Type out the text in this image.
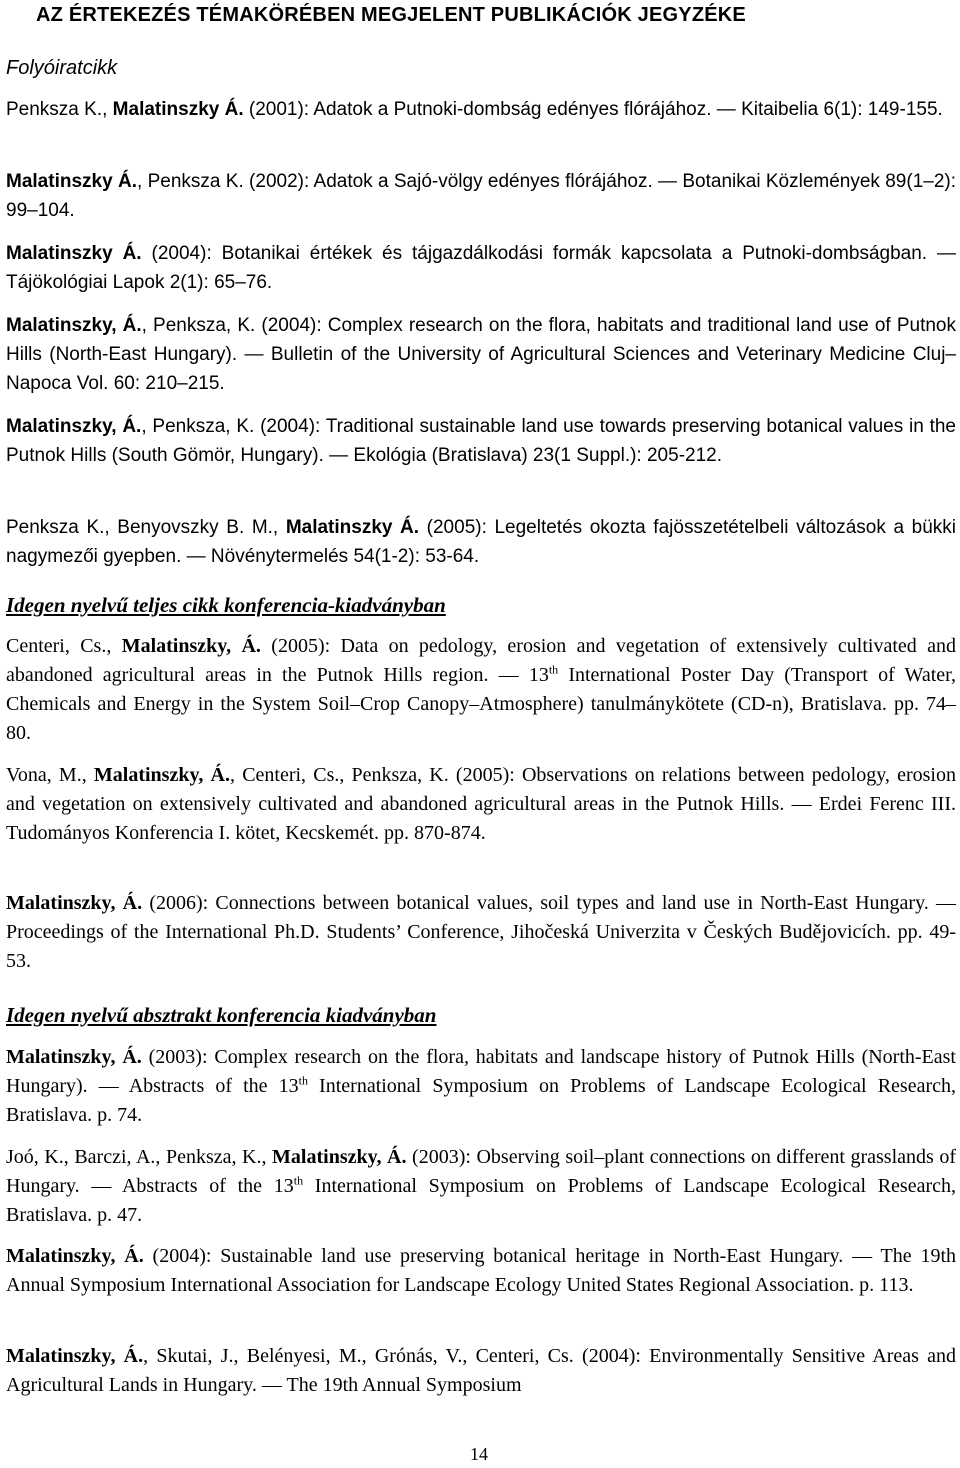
AZ ÉRTEKEZÉS TÉMAKÖRÉBEN MEGJELENT PUBLIKÁCIÓK JEGYZÉKE
Folyóiratcikk

Penksza K., Malatinszky Á. (2001): Adatok a Putnoki-dombság edényes flórájához. — Kitaibelia 6(1): 149-155.

Malatinszky Á., Penksza K. (2002): Adatok a Sajó-völgy edényes flórájához. — Botanikai Közlemények 89(1–2): 99–104.

Malatinszky Á. (2004): Botanikai értékek és tájgazdálkodási formák kapcsolata a Putnoki-dombságban. — Tájökológiai Lapok 2(1): 65–76.

Malatinszky, Á., Penksza, K. (2004): Complex research on the flora, habitats and traditional land use of Putnok Hills (North-East Hungary). — Bulletin of the University of Agricultural Sciences and Veterinary Medicine Cluj–Napoca Vol. 60: 210–215.

Malatinszky, Á., Penksza, K. (2004): Traditional sustainable land use towards preserving botanical values in the Putnok Hills (South Gömör, Hungary). — Ekológia (Bratislava) 23(1 Suppl.): 205-212.

Penksza K., Benyovszky B. M., Malatinszky Á. (2005): Legeltetés okozta fajösszetételbeli változások a bükki nagymezői gyepben. — Növénytermelés 54(1-2): 53-64.

Idegen nyelvű teljes cikk konferencia-kiadványban

Centeri, Cs., Malatinszky, Á. (2005): Data on pedology, erosion and vegetation of extensively cultivated and abandoned agricultural areas in the Putnok Hills region. — 13th International Poster Day (Transport of Water, Chemicals and Energy in the System Soil–Crop Canopy–Atmosphere) tanulmánykötete (CD-n), Bratislava. pp. 74–80.

Vona, M., Malatinszky, Á., Centeri, Cs., Penksza, K. (2005): Observations on relations between pedology, erosion and vegetation on extensively cultivated and abandoned agricultural areas in the Putnok Hills. — Erdei Ferenc III. Tudományos Konferencia I. kötet, Kecskemét. pp. 870-874.

Malatinszky, Á. (2006): Connections between botanical values, soil types and land use in North-East Hungary. — Proceedings of the International Ph.D. Students’ Conference, Jihočeská Univerzita v Českých Budějovicích. pp. 49-53.

Idegen nyelvű absztrakt konferencia kiadványban

Malatinszky, Á. (2003): Complex research on the flora, habitats and landscape history of Putnok Hills (North-East Hungary). — Abstracts of the 13th International Symposium on Problems of Landscape Ecological Research, Bratislava. p. 74.

Joó, K., Barczi, A., Penksza, K., Malatinszky, Á. (2003): Observing soil–plant connections on different grasslands of Hungary. — Abstracts of the 13th International Symposium on Problems of Landscape Ecological Research, Bratislava. p. 47.

Malatinszky, Á. (2004): Sustainable land use preserving botanical heritage in North-East Hungary. — The 19th Annual Symposium International Association for Landscape Ecology United States Regional Association. p. 113.

Malatinszky, Á., Skutai, J., Belényesi, M., Grónás, V., Centeri, Cs. (2004): Environmentally Sensitive Areas and Agricultural Lands in Hungary. — The 19th Annual Symposium

14
